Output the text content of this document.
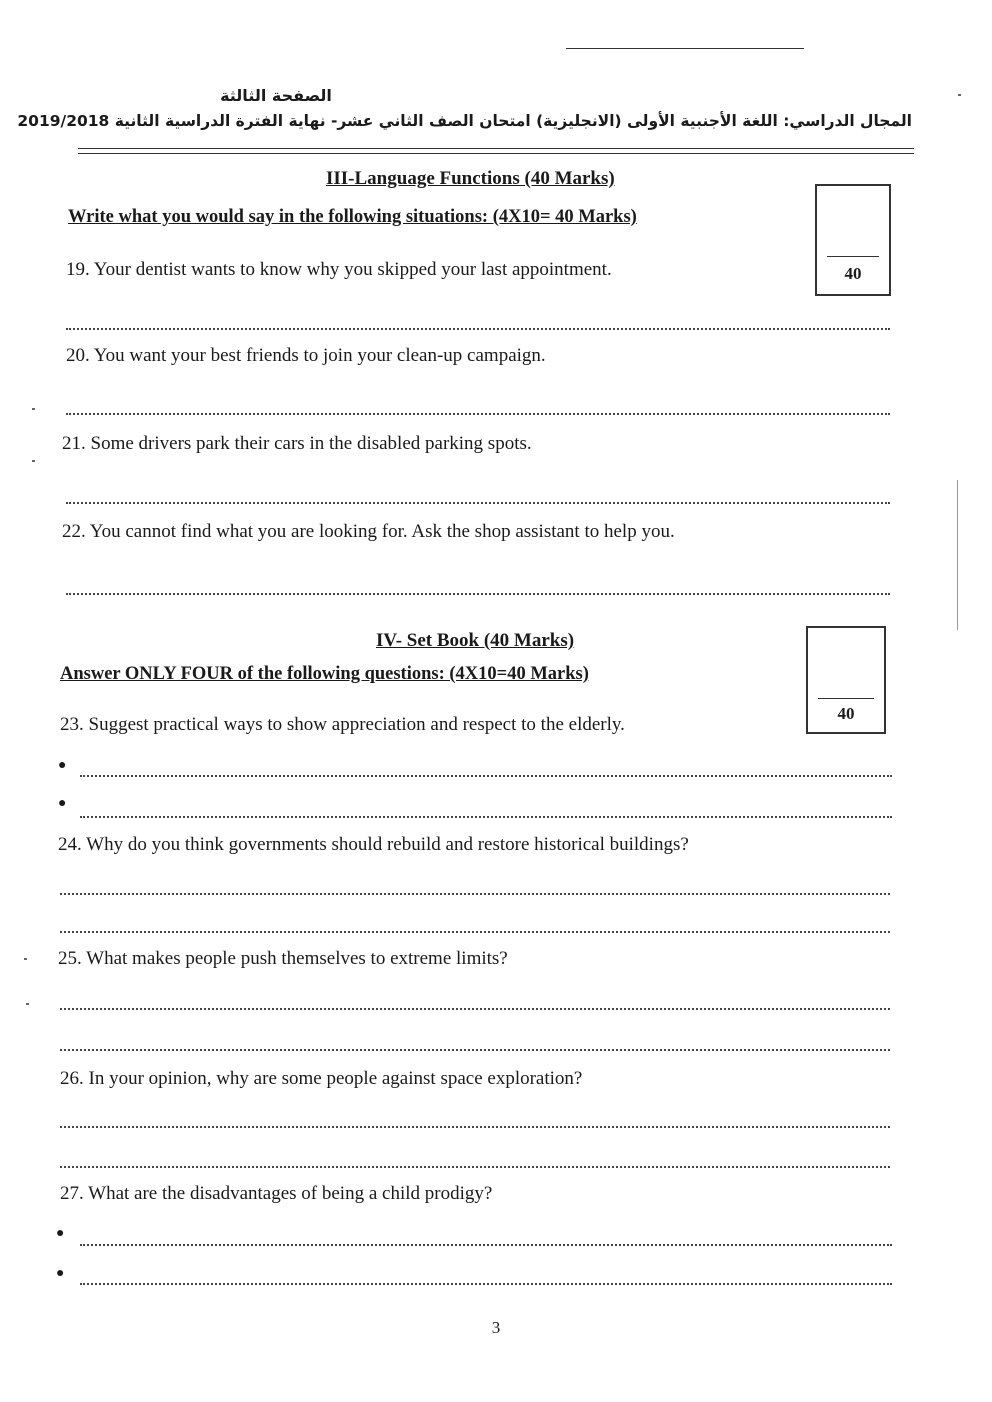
الصفحة الثالثة
المجال الدراسي: اللغة الأجنبية الأولى (الانجليزية) امتحان الصف الثاني عشر- نهاية الفترة الدراسية الثانية 2019/2018
III-Language Functions (40 Marks)
Write what you would say in the following situations: (4X10= 40 Marks)
40
19. Your dentist wants to know why you skipped your last appointment.
20. You want your best friends to join your clean-up campaign.
21. Some drivers park their cars in the disabled parking spots.
22. You cannot find what you are looking for. Ask the shop assistant to help you.
IV- Set Book (40 Marks)
Answer ONLY FOUR of the following questions: (4X10=40 Marks)
40
23. Suggest practical ways to show appreciation and respect to the elderly.
●
●
24. Why do you think governments should rebuild and restore historical buildings?
25. What makes people push themselves to extreme limits?
26. In your opinion, why are some people against space exploration?
27. What are the disadvantages of being a child prodigy?
●
●
3
